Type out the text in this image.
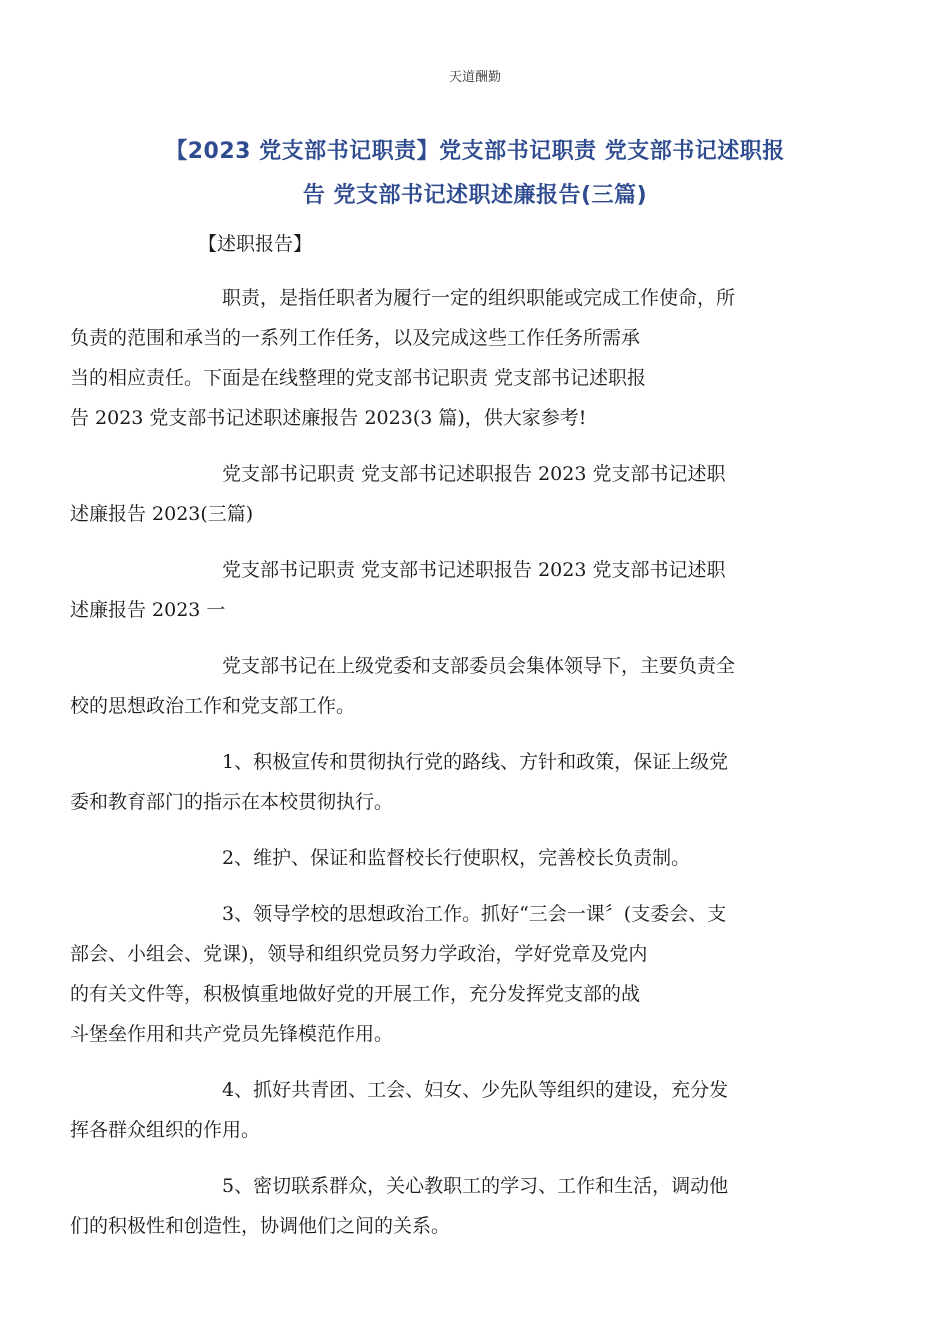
天道酬勤
【2023 党支部书记职责】党支部书记职责 党支部书记述职报
告 党支部书记述职述廉报告(三篇)

【述职报告】

职责，是指任职者为履行一定的组织职能或完成工作使命，所
负责的范围和承当的一系列工作任务，以及完成这些工作任务所需承
当的相应责任。下面是在线整理的党支部书记职责 党支部书记述职报
告 2023 党支部书记述职述廉报告 2023(3 篇)，供大家参考!

党支部书记职责 党支部书记述职报告 2023 党支部书记述职
述廉报告 2023(三篇)

党支部书记职责 党支部书记述职报告 2023 党支部书记述职
述廉报告 2023 一

党支部书记在上级党委和支部委员会集体领导下，主要负责全
校的思想政治工作和党支部工作。

1、积极宣传和贯彻执行党的路线、方针和政策，保证上级党
委和教育部门的指示在本校贯彻执行。

2、维护、保证和监督校长行使职权，完善校长负责制。

3、领导学校的思想政治工作。抓好“三会一课〞(支委会、支
部会、小组会、党课)，领导和组织党员努力学政治，学好党章及党内
的有关文件等，积极慎重地做好党的开展工作，充分发挥党支部的战
斗堡垒作用和共产党员先锋模范作用。

4、抓好共青团、工会、妇女、少先队等组织的建设，充分发
挥各群众组织的作用。

5、密切联系群众，关心教职工的学习、工作和生活，调动他
们的积极性和创造性，协调他们之间的关系。
